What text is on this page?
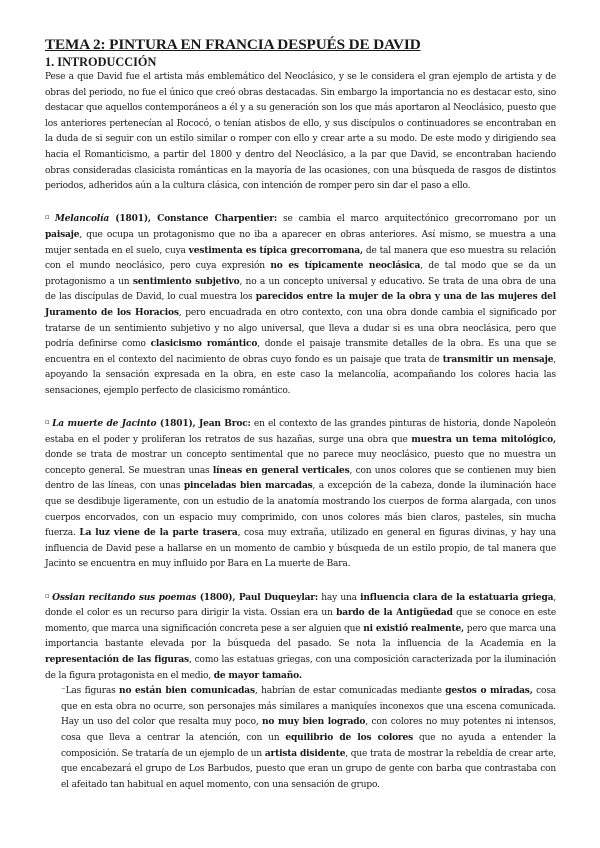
TEMA 2: PINTURA EN FRANCIA DESPUÉS DE DAVID
1. INTRODUCCIÓN

Pese a que David fue el artista más emblemático del Neoclásico, y se le considera el gran ejemplo de artista y de obras del periodo, no fue el único que creó obras destacadas. Sin embargo la importancia no es destacar esto, sino destacar que aquellos contemporáneos a él y a su generación son los que más aportaron al Neoclásico, puesto que los anteriores pertenecían al Rococó, o tenían atisbos de ello, y sus discípulos o continuadores se encontraban en la duda de si seguir con un estilo similar o romper con ello y crear arte a su modo. De este modo y dirigiendo sea hacia el Romanticismo, a partir del 1800 y dentro del Neoclásico, a la par que David, se encontraban haciendo obras consideradas clasicista románticas en la mayoría de las ocasiones, con una búsqueda de rasgos de distintos periodos, adheridos aún a la cultura clásica, con intención de romper pero sin dar el paso a ello.

▫ Melancolía (1801), Constance Charpentier: se cambia el marco arquitectónico grecorromano por un paisaje, que ocupa un protagonismo que no iba a aparecer en obras anteriores. Así mismo, se muestra a una mujer sentada en el suelo, cuya vestimenta es típica grecorromana, de tal manera que eso muestra su relación con el mundo neoclásico, pero cuya expresión no es típicamente neoclásica, de tal modo que se da un protagonismo a un sentimiento subjetivo, no a un concepto universal y educativo. Se trata de una obra de una de las discípulas de David, lo cual muestra los parecidos entre la mujer de la obra y una de las mujeres del Juramento de los Horacios, pero encuadrada en otro contexto, con una obra donde cambia el significado por tratarse de un sentimiento subjetivo y no algo universal, que lleva a dudar si es una obra neoclásica, pero que podría definirse como clasicismo romántico, donde el paisaje transmite detalles de la obra. Es una que se encuentra en el contexto del nacimiento de obras cuyo fondo es un paisaje que trata de transmitir un mensaje, apoyando la sensación expresada en la obra, en este caso la melancolía, acompañando los colores hacia las sensaciones, ejemplo perfecto de clasicismo romántico.

▫ La muerte de Jacinto (1801), Jean Broc: en el contexto de las grandes pinturas de historia, donde Napoleón estaba en el poder y proliferan los retratos de sus hazañas, surge una obra que muestra un tema mitológico, donde se trata de mostrar un concepto sentimental que no parece muy neoclásico, puesto que no muestra un concepto general. Se muestran unas líneas en general verticales, con unos colores que se contienen muy bien dentro de las líneas, con unas pinceladas bien marcadas, a excepción de la cabeza, donde la iluminación hace que se desdibuje ligeramente, con un estudio de la anatomía mostrando los cuerpos de forma alargada, con unos cuerpos encorvados, con un espacio muy comprimido, con unos colores más bien claros, pasteles, sin mucha fuerza. La luz viene de la parte trasera, cosa muy extraña, utilizado en general en figuras divinas, y hay una influencia de David pese a hallarse en un momento de cambio y búsqueda de un estilo propio, de tal manera que Jacinto se encuentra en muy influido por Bara en La muerte de Bara.

▫ Ossian recitando sus poemas (1800), Paul Duqueylar: hay una influencia clara de la estatuaria griega, donde el color es un recurso para dirigir la vista. Ossian era un bardo de la Antigüedad que se conoce en este momento, que marca una significación concreta pese a ser alguien que ni existió realmente, pero que marca una importancia bastante elevada por la búsqueda del pasado. Se nota la influencia de la Academia en la representación de las figuras, como las estatuas griegas, con una composición caracterizada por la iluminación de la figura protagonista en el medio, de mayor tamaño.

⁻Las figuras no están bien comunicadas, habrían de estar comunicadas mediante gestos o miradas, cosa que en esta obra no ocurre, son personajes más similares a maniquíes inconexos que una escena comunicada. Hay un uso del color que resalta muy poco, no muy bien logrado, con colores no muy potentes ni intensos, cosa que lleva a centrar la atención, con un equilibrio de los colores que no ayuda a entender la composición. Se trataría de un ejemplo de un artista disidente, que trata de mostrar la rebeldía de crear arte, que encabezará el grupo de Los Barbudos, puesto que eran un grupo de gente con barba que contrastaba con el afeitado tan habitual en aquel momento, con una sensación de grupo.
